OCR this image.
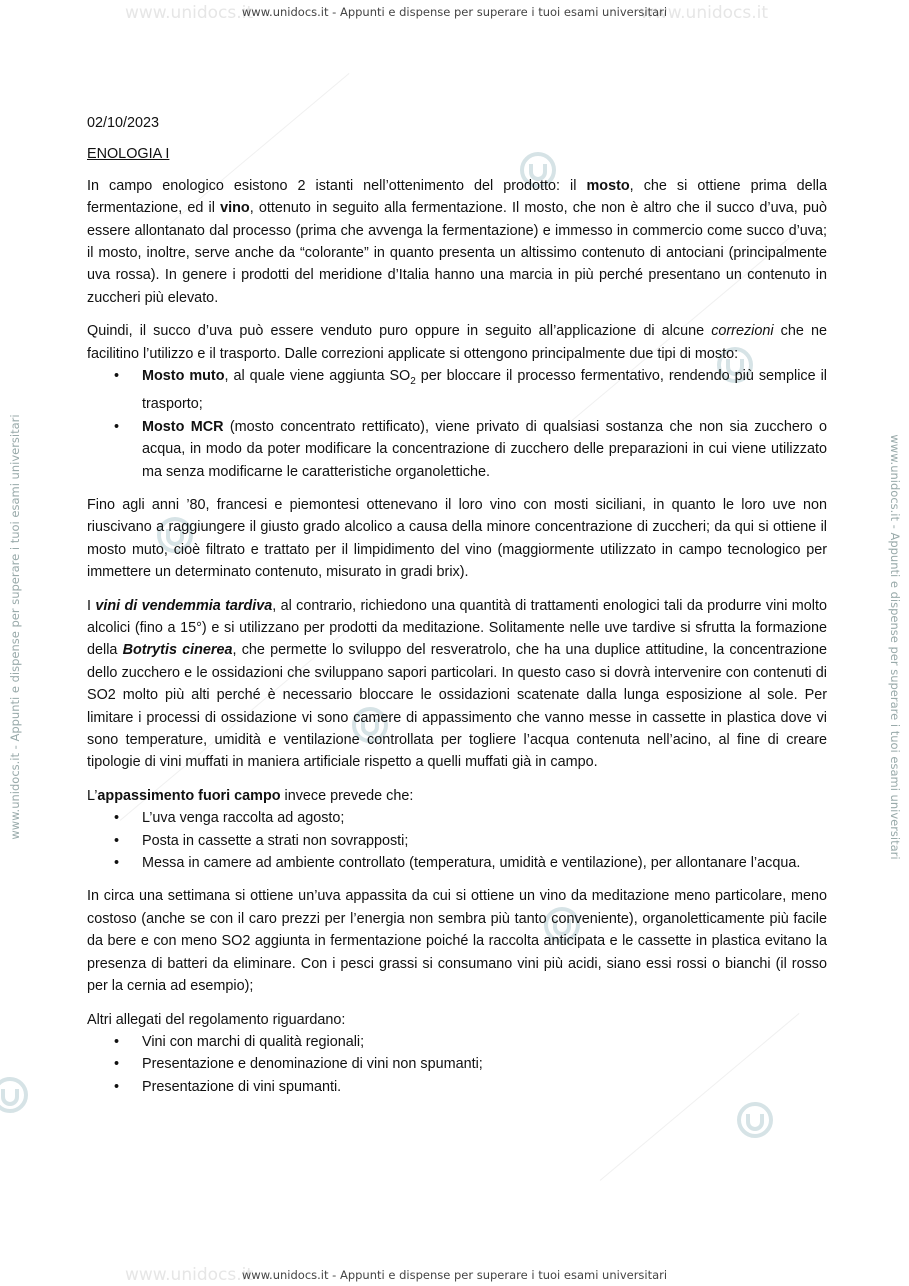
www.unidocs.it	www.unidocs.it
www.unidocs.it
www.unidocs.it - Appunti e dispense per superare i tuoi esami universitari
www.unidocs.it - Appunti e dispense per superare i tuoi esami universitari
www.unidocs.it - Appunti e dispense per superare i tuoi esami universitari	www.unidocs.it - Appunti e dispense per superare i tuoi esami universitari
02/10/2023
ENOLOGIA I

In campo enologico esistono 2 istanti nell’ottenimento del prodotto: il mosto, che si ottiene prima della fermentazione, ed il vino, ottenuto in seguito alla fermentazione. Il mosto, che non è altro che il succo d’uva, può essere allontanato dal processo (prima che avvenga la fermentazione) e immesso in commercio come succo d’uva; il mosto, inoltre, serve anche da “colorante” in quanto presenta un altissimo contenuto di antociani (principalmente uva rossa). In genere i prodotti del meridione d’Italia hanno una marcia in più perché presentano un contenuto in zuccheri più elevato.

Quindi, il succo d’uva può essere venduto puro oppure in seguito all’applicazione di alcune correzioni che ne facilitino l’utilizzo e il trasporto. Dalle correzioni applicate si ottengono principalmente due tipi di mosto:

• Mosto muto, al quale viene aggiunta $SO_2$ per bloccare il processo fermentativo, rendendo più semplice il trasporto;
• Mosto MCR (mosto concentrato rettificato), viene privato di qualsiasi sostanza che non sia zucchero o acqua, in modo da poter modificare la concentrazione di zucchero delle preparazioni in cui viene utilizzato ma senza modificarne le caratteristiche organolettiche.

Fino agli anni ’80, francesi e piemontesi ottenevano il loro vino con mosti siciliani, in quanto le loro uve non riuscivano a raggiungere il giusto grado alcolico a causa della minore concentrazione di zuccheri; da qui si ottiene il mosto muto, cioè filtrato e trattato per il limpidimento del vino (maggiormente utilizzato in campo tecnologico per immettere un determinato contenuto, misurato in gradi brix).

I vini di vendemmia tardiva, al contrario, richiedono una quantità di trattamenti enologici tali da produrre vini molto alcolici (fino a 15°) e si utilizzano per prodotti da meditazione. Solitamente nelle uve tardive si sfrutta la formazione della Botrytis cinerea, che permette lo sviluppo del resveratrolo, che ha una duplice attitudine, la concentrazione dello zucchero e le ossidazioni che sviluppano sapori particolari. In questo caso si dovrà intervenire con contenuti di SO2 molto più alti perché è necessario bloccare le ossidazioni scatenate dalla lunga esposizione al sole. Per limitare i processi di ossidazione vi sono camere di appassimento che vanno messe in cassette in plastica dove vi sono temperature, umidità e ventilazione controllata per togliere l’acqua contenuta nell’acino, al fine di creare tipologie di vini muffati in maniera artificiale rispetto a quelli muffati già in campo.

L’appassimento fuori campo invece prevede che:

• L’uva venga raccolta ad agosto;
• Posta in cassette a strati non sovrapposti;
• Messa in camere ad ambiente controllato (temperatura, umidità e ventilazione), per allontanare l’acqua.

In circa una settimana si ottiene un’uva appassita da cui si ottiene un vino da meditazione meno particolare, meno costoso (anche se con il caro prezzi per l’energia non sembra più tanto conveniente), organoletticamente più facile da bere e con meno SO2 aggiunta in fermentazione poiché la raccolta anticipata e le cassette in plastica evitano la presenza di batteri da eliminare. Con i pesci grassi si consumano vini più acidi, siano essi rossi o bianchi (il rosso per la cernia ad esempio);

Altri allegati del regolamento riguardano:

• Vini con marchi di qualità regionali;
• Presentazione e denominazione di vini non spumanti;
• Presentazione di vini spumanti.
